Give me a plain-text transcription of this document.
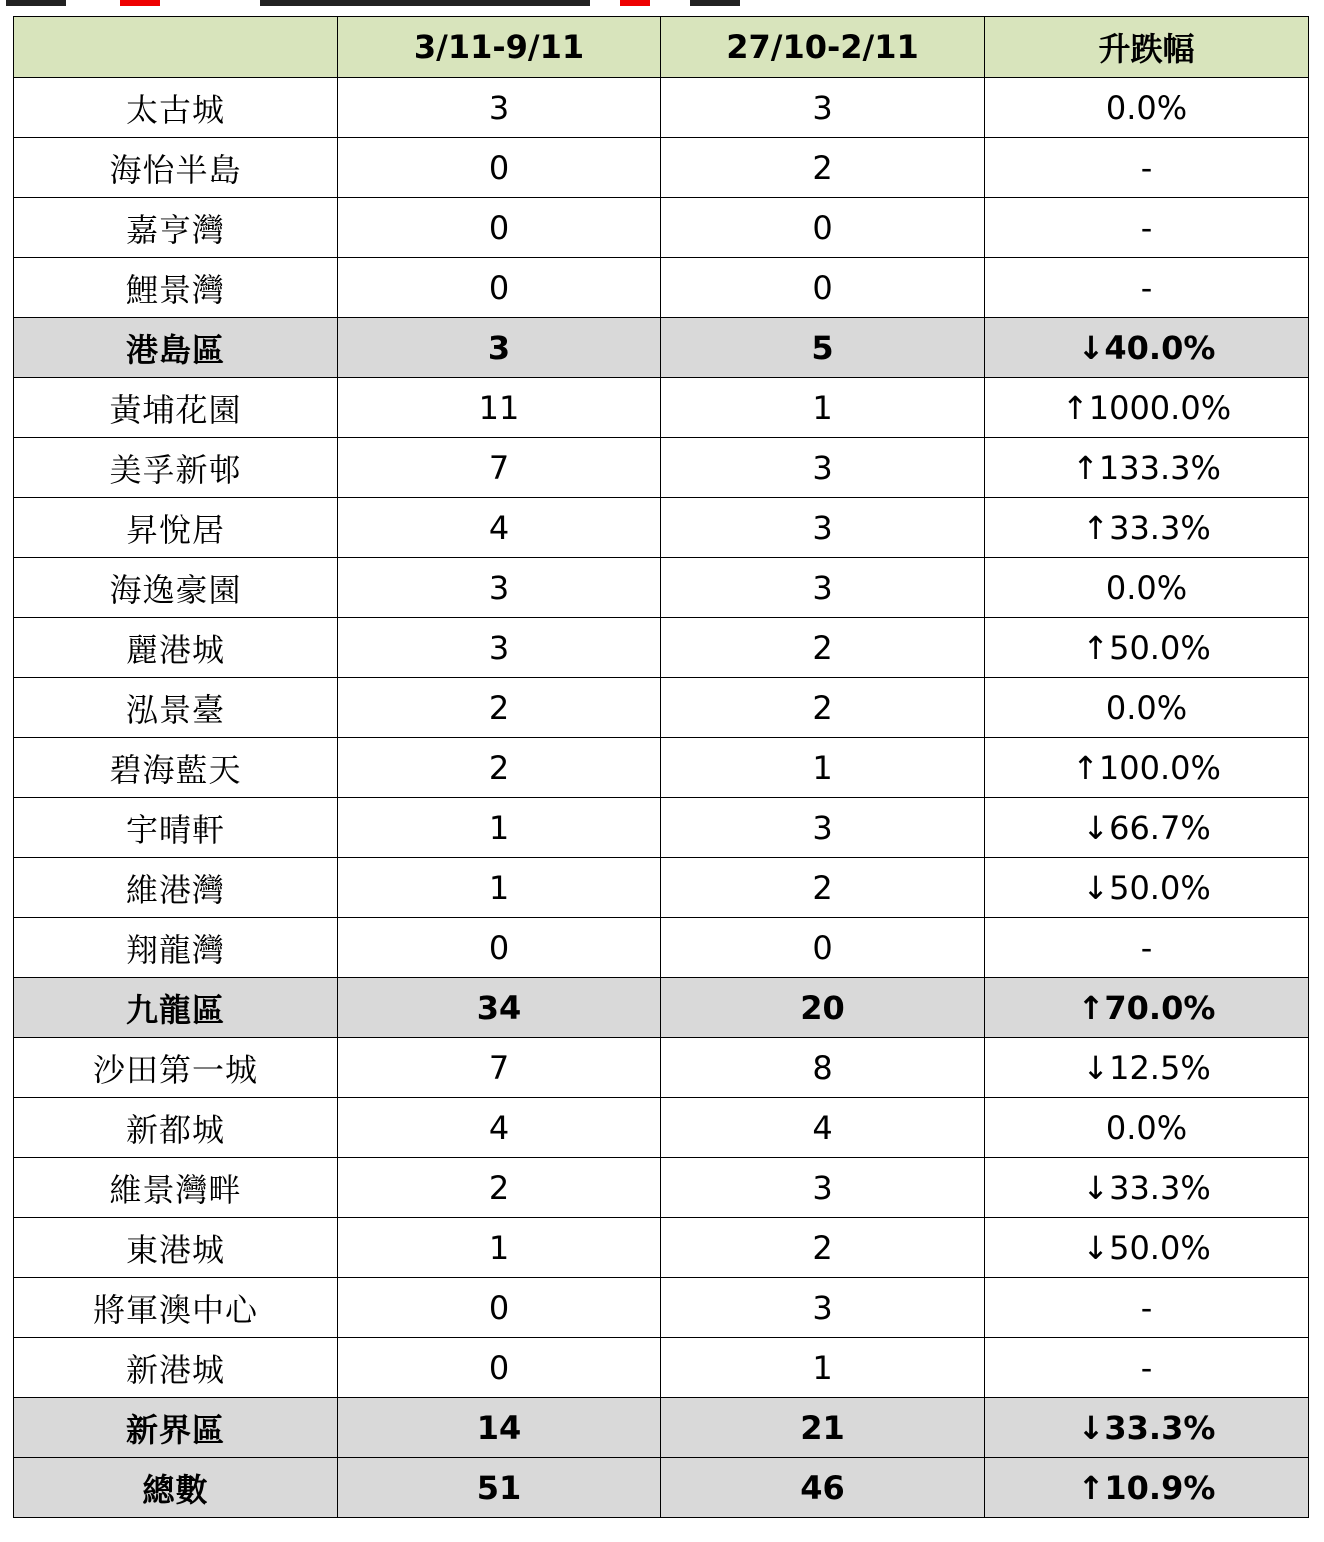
	3/11-9/11	27/10-2/11	升跌幅
太古城	3	3	0.0%
海怡半島	0	2	-
嘉亨灣	0	0	-
鯉景灣	0	0	-
港島區	3	5	↓40.0%
黃埔花園	11	1	↑1000.0%
美孚新邨	7	3	↑133.3%
昇悅居	4	3	↑33.3%
海逸豪園	3	3	0.0%
麗港城	3	2	↑50.0%
泓景臺	2	2	0.0%
碧海藍天	2	1	↑100.0%
宇晴軒	1	3	↓66.7%
維港灣	1	2	↓50.0%
翔龍灣	0	0	-
九龍區	34	20	↑70.0%
沙田第一城	7	8	↓12.5%
新都城	4	4	0.0%
維景灣畔	2	3	↓33.3%
東港城	1	2	↓50.0%
將軍澳中心	0	3	-
新港城	0	1	-
新界區	14	21	↓33.3%
總數	51	46	↑10.9%
